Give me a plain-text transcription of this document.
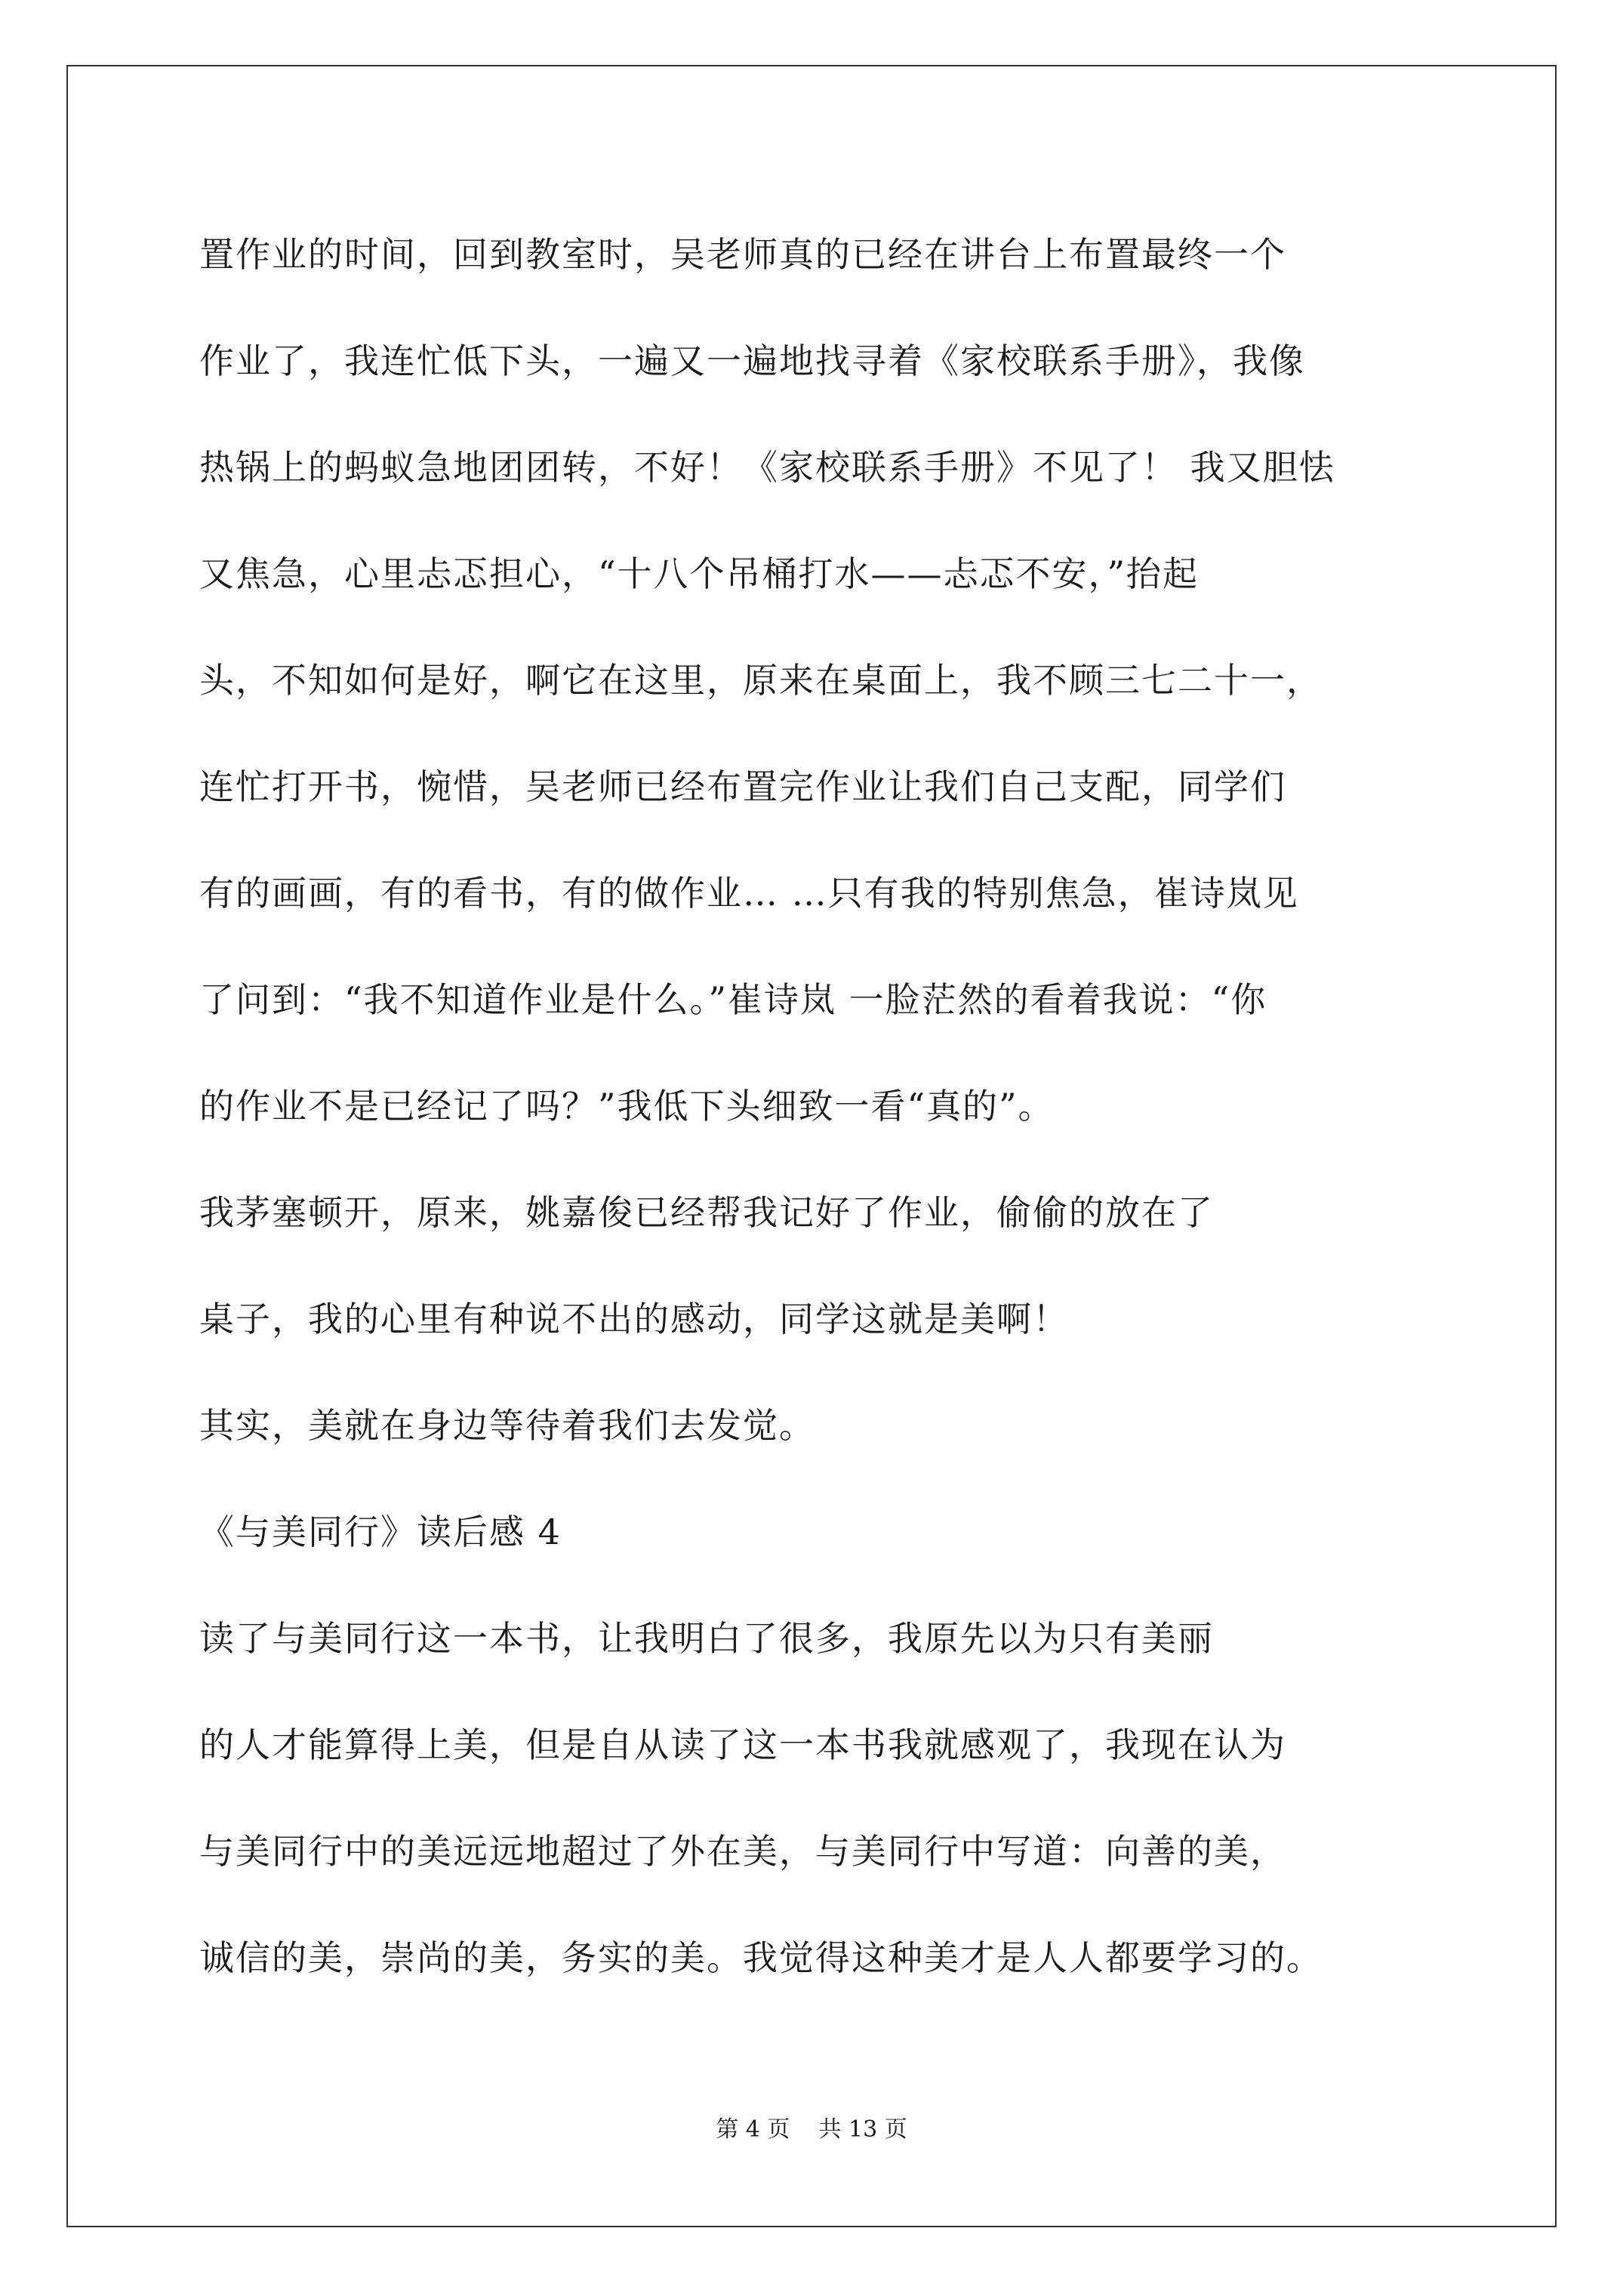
置作业的时间，回到教室时，吴老师真的已经在讲台上布置最终一个
作业了，我连忙低下头，一遍又一遍地找寻着《家校联系手册》，我像
热锅上的蚂蚁急地团团转，不好！《家校联系手册》不见了！ 我又胆怯
又焦急，心里忐忑担心，“十八个吊桶打水——忐忑不安，”抬起
头，不知如何是好，啊它在这里，原来在桌面上，我不顾三七二十一，
连忙打开书，惋惜，吴老师已经布置完作业让我们自己支配，同学们
有的画画，有的看书，有的做作业… …只有我的特别焦急，崔诗岚见
了问到：“我不知道作业是什么。”崔诗岚 一脸茫然的看着我说：“你
的作业不是已经记了吗？”我低下头细致一看“真的”。
我茅塞顿开，原来，姚嘉俊已经帮我记好了作业，偷偷的放在了
桌子，我的心里有种说不出的感动，同学这就是美啊！
其实，美就在身边等待着我们去发觉。
《与美同行》读后感 4
读了与美同行这一本书，让我明白了很多，我原先以为只有美丽
的人才能算得上美，但是自从读了这一本书我就感观了，我现在认为
与美同行中的美远远地超过了外在美，与美同行中写道：向善的美，
诚信的美，崇尚的美，务实的美。我觉得这种美才是人人都要学习的。
第 4 页    共 13 页
